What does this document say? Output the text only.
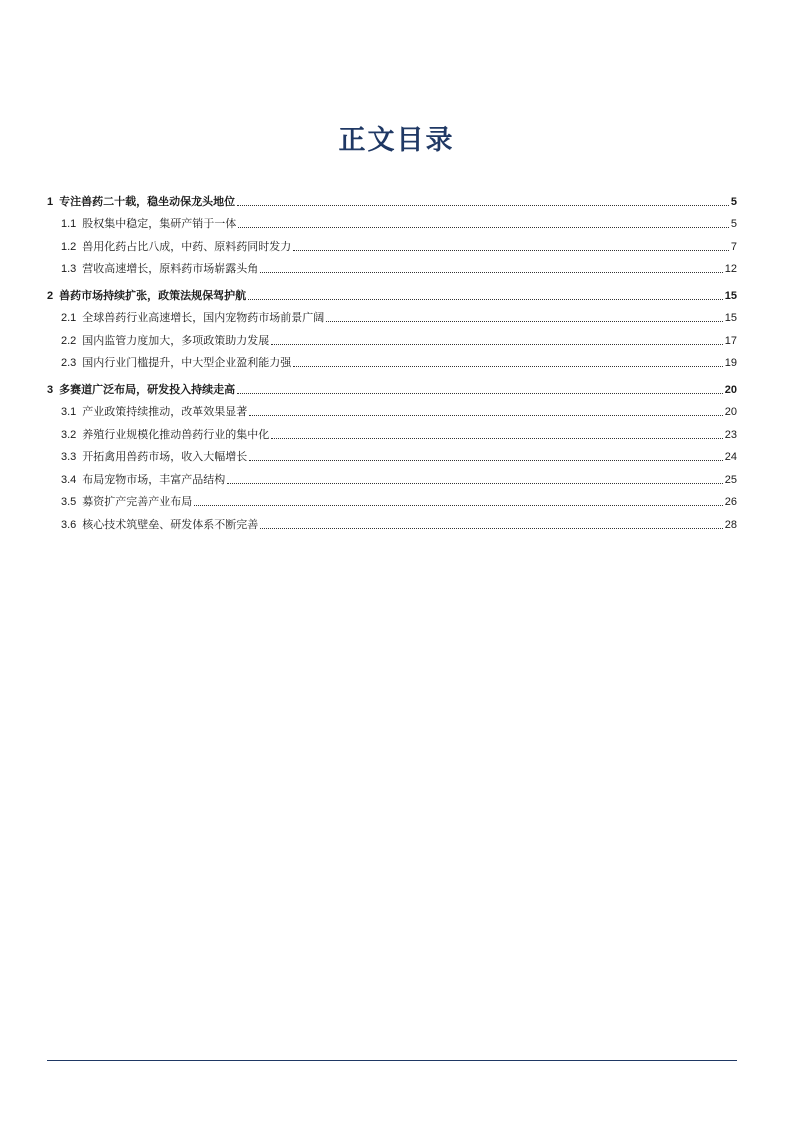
正文目录
1 专注兽药二十载，稳坐动保龙头地位	5
1.1 股权集中稳定，集研产销于一体	5
1.2 兽用化药占比八成，中药、原料药同时发力	7
1.3 营收高速增长，原料药市场崭露头角	12
2 兽药市场持续扩张，政策法规保驾护航	15
2.1 全球兽药行业高速增长，国内宠物药市场前景广阔	15
2.2 国内监管力度加大，多项政策助力发展	17
2.3 国内行业门槛提升，中大型企业盈利能力强	19
3 多赛道广泛布局，研发投入持续走高	20
3.1 产业政策持续推动，改革效果显著	20
3.2 养殖行业规模化推动兽药行业的集中化	23
3.3 开拓禽用兽药市场，收入大幅增长	24
3.4 布局宠物市场，丰富产品结构	25
3.5 募资扩产完善产业布局	26
3.6 核心技术筑壁垒、研发体系不断完善	28
